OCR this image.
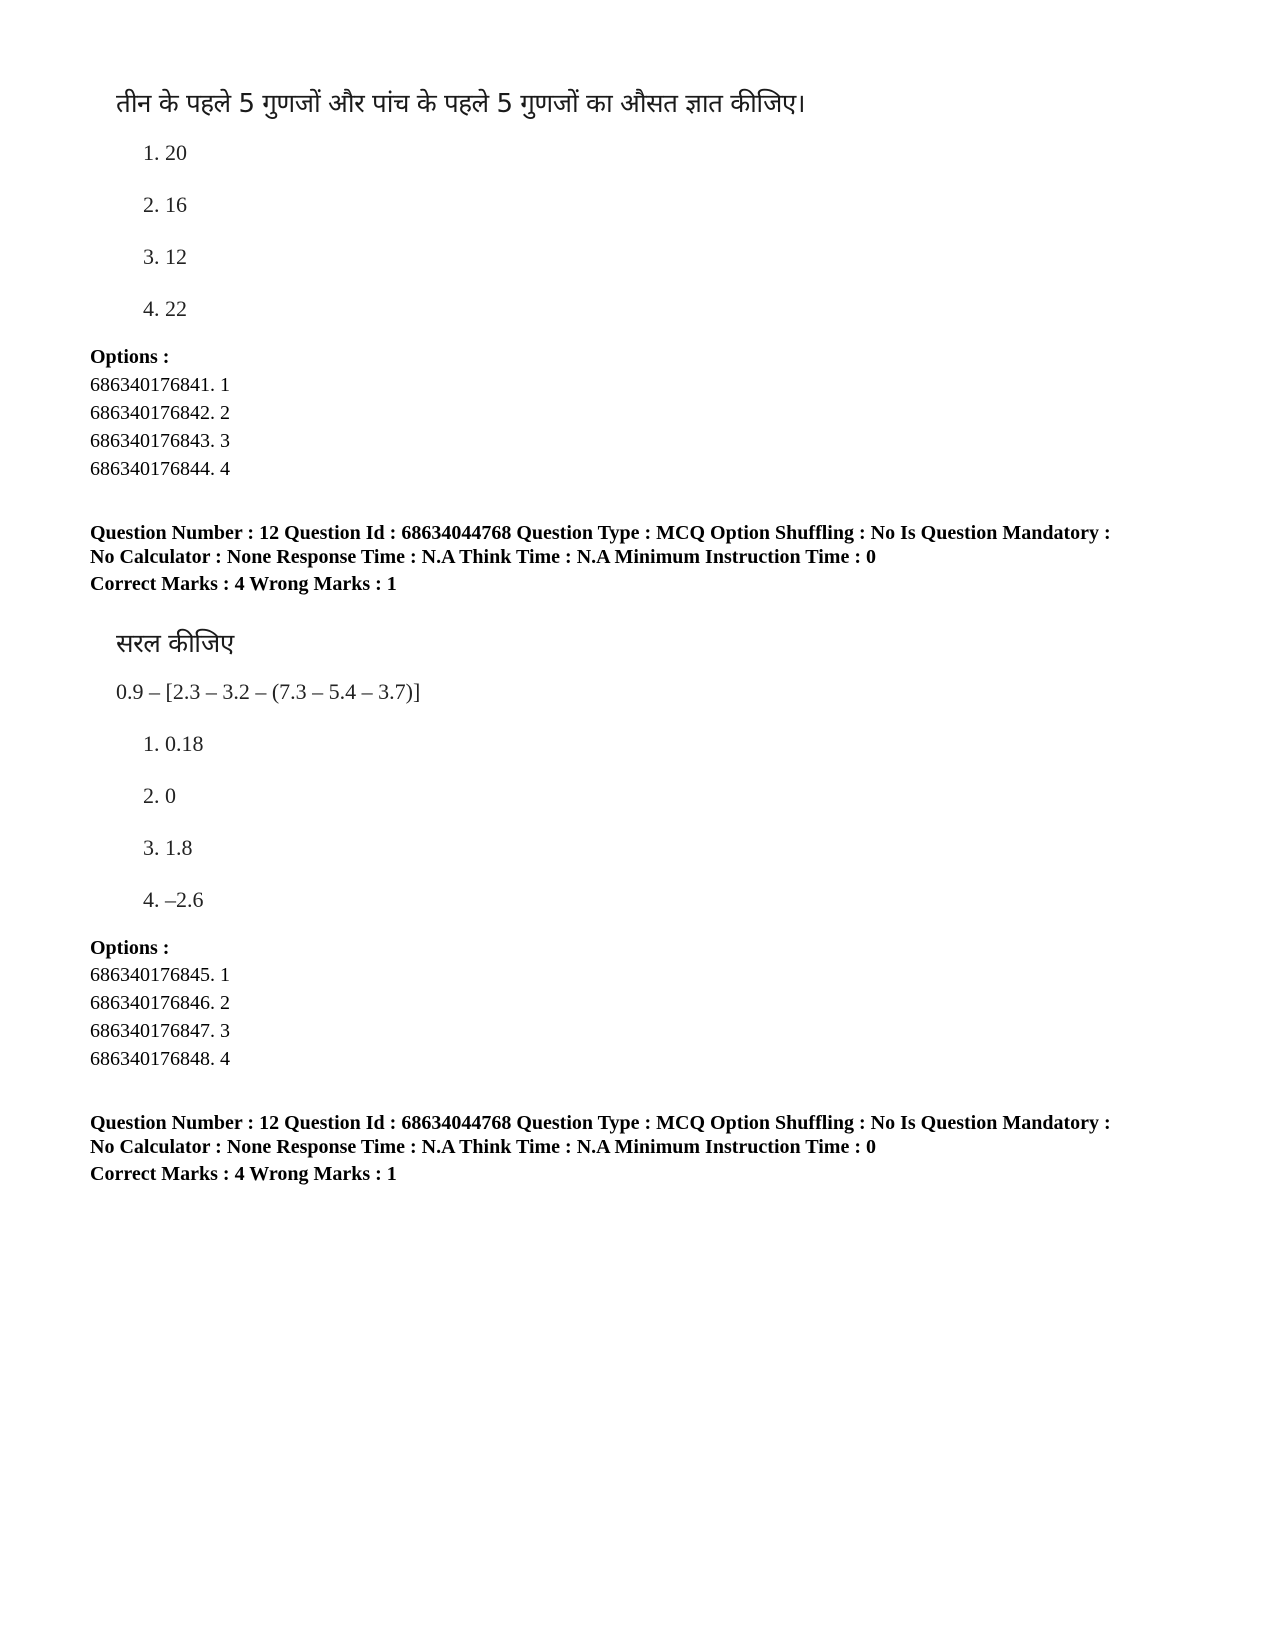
तीन के पहले 5 गुणजों और पांच के पहले 5 गुणजों का औसत ज्ञात कीजिए।
1. 20
2. 16
3. 12
4. 22
Options :
686340176841. 1
686340176842. 2
686340176843. 3
686340176844. 4
Question Number : 12 Question Id : 68634044768 Question Type : MCQ Option Shuffling : No Is Question Mandatory :
No Calculator : None Response Time : N.A Think Time : N.A Minimum Instruction Time : 0
Correct Marks : 4 Wrong Marks : 1
सरल कीजिए
0.9 – [2.3 – 3.2 – (7.3 – 5.4 – 3.7)]
1. 0.18
2. 0
3. 1.8
4. –2.6
Options :
686340176845. 1
686340176846. 2
686340176847. 3
686340176848. 4
Question Number : 12 Question Id : 68634044768 Question Type : MCQ Option Shuffling : No Is Question Mandatory :
No Calculator : None Response Time : N.A Think Time : N.A Minimum Instruction Time : 0
Correct Marks : 4 Wrong Marks : 1
